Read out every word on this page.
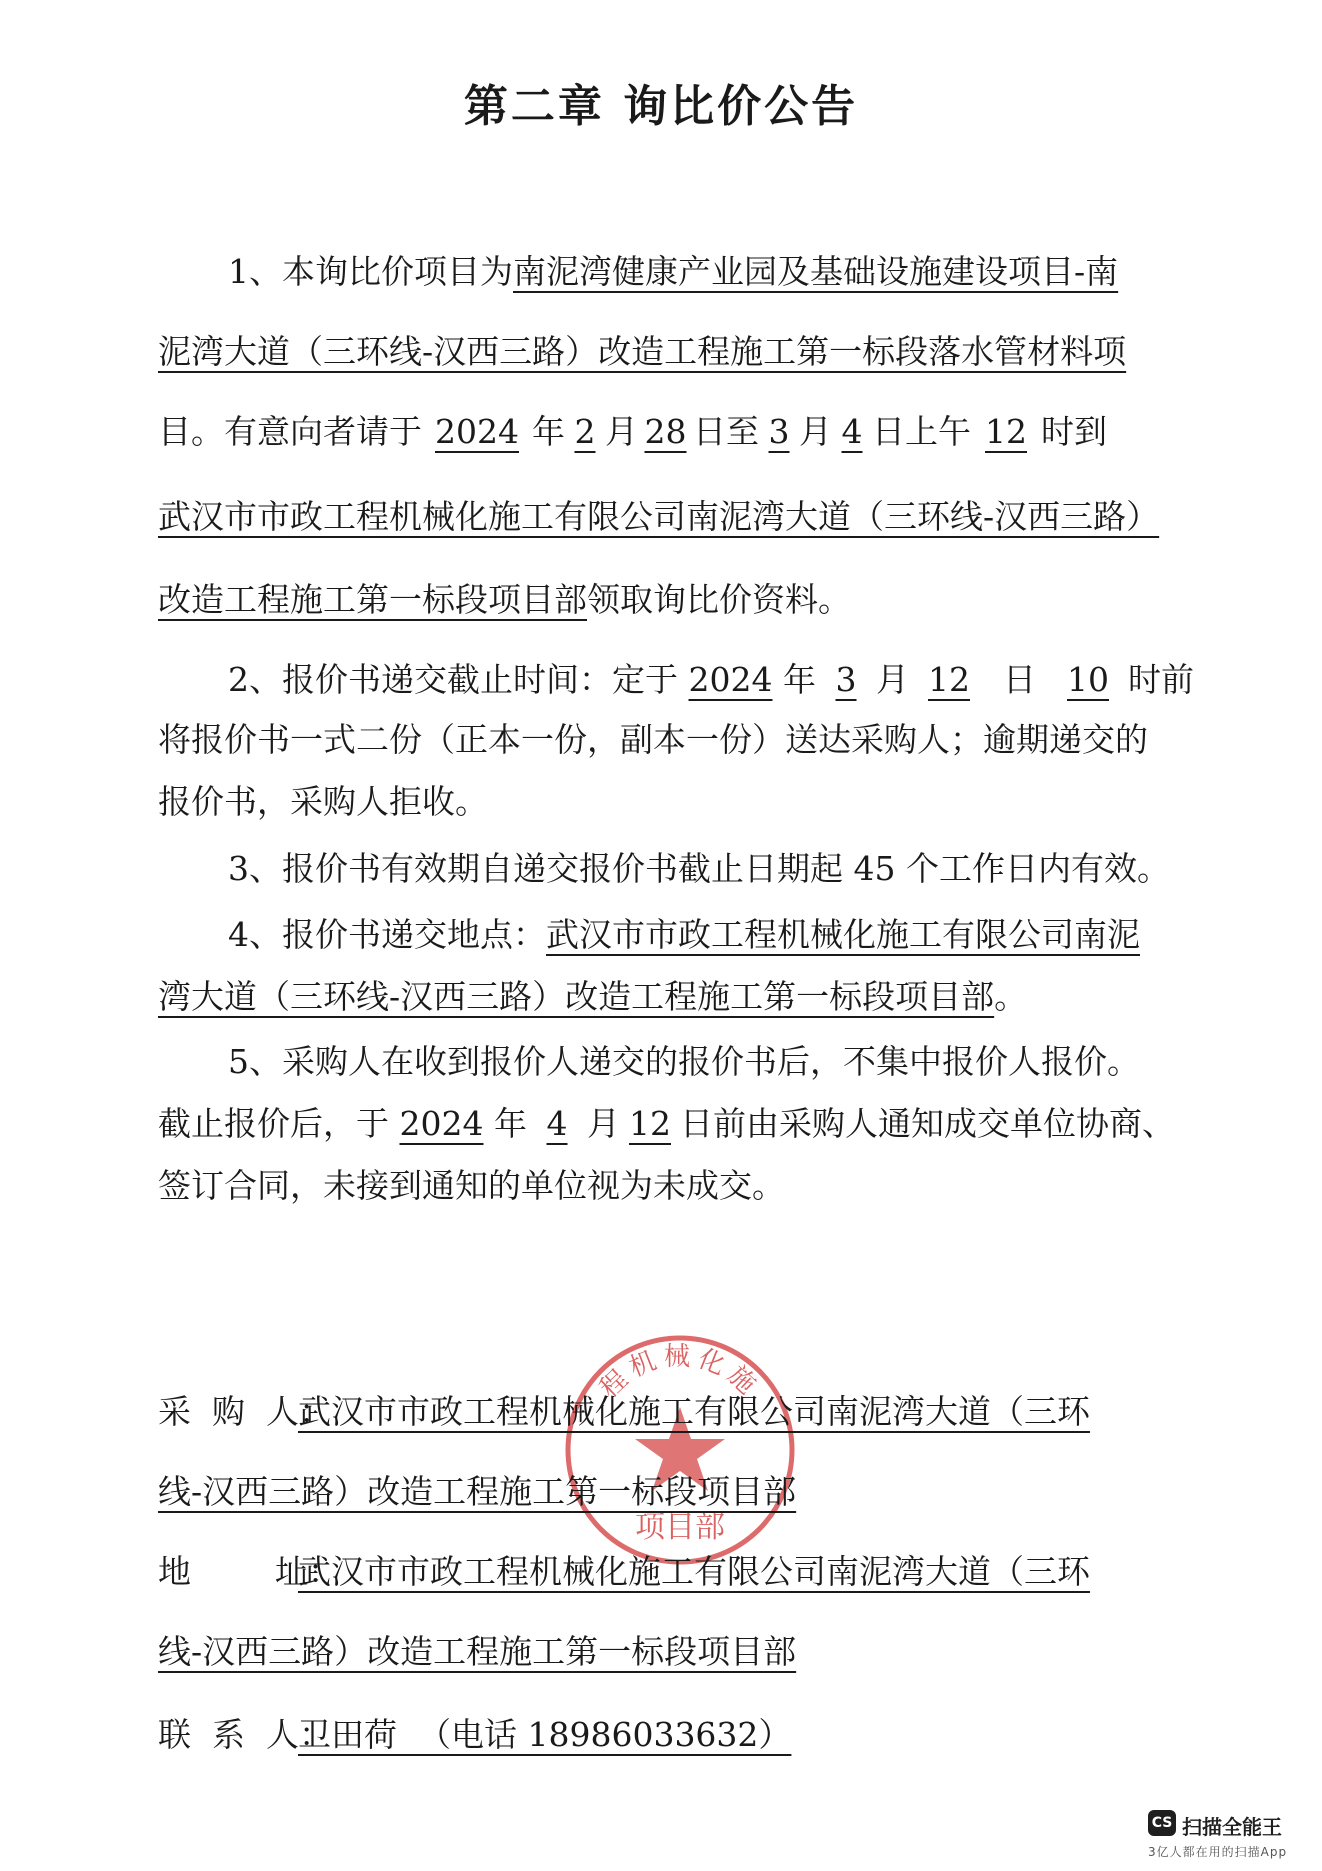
第二章 询比价公告
1、本询比价项目为南泥湾健康产业园及基础设施建设项目-南
泥湾大道（三环线-汉西三路）改造工程施工第一标段落水管材料项
目。有意向者请于 2024 年 2 月 28 日至 3 月 4 日上午 12 时到
武汉市市政工程机械化施工有限公司南泥湾大道（三环线-汉西三路）
改造工程施工第一标段项目部领取询比价资料。
2、报价书递交截止时间：定于 2024 年 3 月 12 日 10 时前
将报价书一式二份（正本一份，副本一份）送达采购人；逾期递交的
报价书，采购人拒收。
3、报价书有效期自递交报价书截止日期起 45 个工作日内有效。
4、报价书递交地点：武汉市市政工程机械化施工有限公司南泥
湾大道（三环线-汉西三路）改造工程施工第一标段项目部。
5、采购人在收到报价人递交的报价书后，不集中报价人报价。
截止报价后，于 2024 年 4 月 12 日前由采购人通知成交单位协商、
签订合同，未接到通知的单位视为未成交。
程机械化施
项目部
采  购  人：武汉市市政工程机械化施工有限公司南泥湾大道（三环
线-汉西三路）改造工程施工第一标段项目部
地        址：武汉市市政工程机械化施工有限公司南泥湾大道（三环
线-汉西三路）改造工程施工第一标段项目部
联  系  人：卫田荷  （电话 18986033632）
CS 扫描全能王
3亿人都在用的扫描App
